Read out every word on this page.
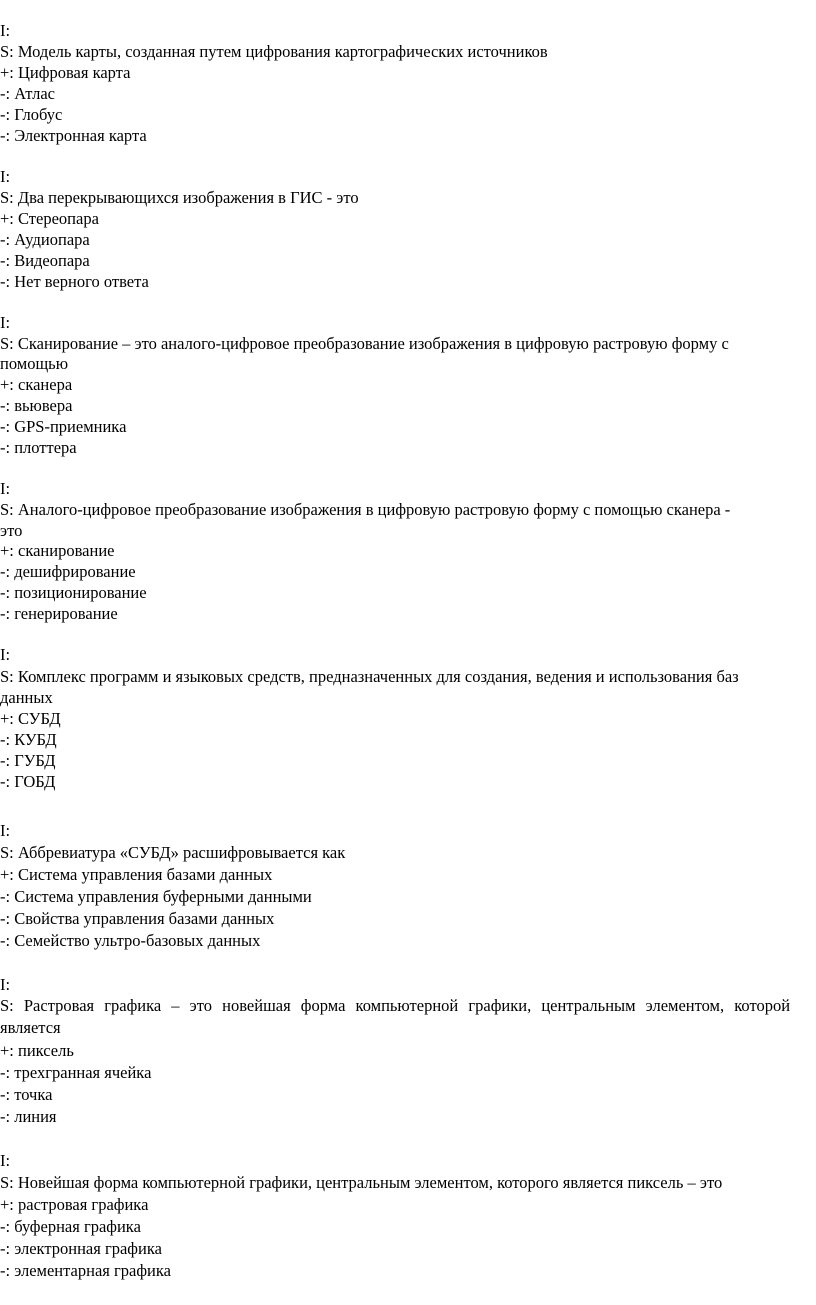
I:
S: Модель карты, созданная путем цифрования картографических источников
+: Цифровая карта
-: Атлас
-: Глобус
-: Электронная карта
I:
S: Два перекрывающихся изображения в ГИС - это
+: Стереопара
-: Аудиопара
-: Видеопара
-: Нет верного ответа
I:
S: Сканирование – это аналого-цифровое преобразование изображения в цифровую растровую форму с
помощью
+: сканера
-: вьювера
-: GPS-приемника
-: плоттера
I:
S: Аналого-цифровое преобразование изображения в цифровую растровую форму с помощью сканера -
это
+: сканирование
-: дешифрирование
-: позиционирование
-: генерирование
I:
S: Комплекс программ и языковых средств, предназначенных для создания, ведения и использования баз
данных
+: СУБД
-: КУБД
-: ГУБД
-: ГОБД
I:
S: Аббревиатура «СУБД» расшифровывается как
+: Система управления базами данных
-: Система управления буферными данными
-: Свойства управления базами данных
-: Семейство ультро-базовых данных
I:
S: Растровая графика – это новейшая форма компьютерной графики, центральным элементом, которой
является
+: пиксель
-: трехгранная ячейка
-: точка
-: линия
I:
S: Новейшая форма компьютерной графики, центральным элементом, которого является пиксель – это
+: растровая графика
-: буферная графика
-: электронная графика
-: элементарная графика
